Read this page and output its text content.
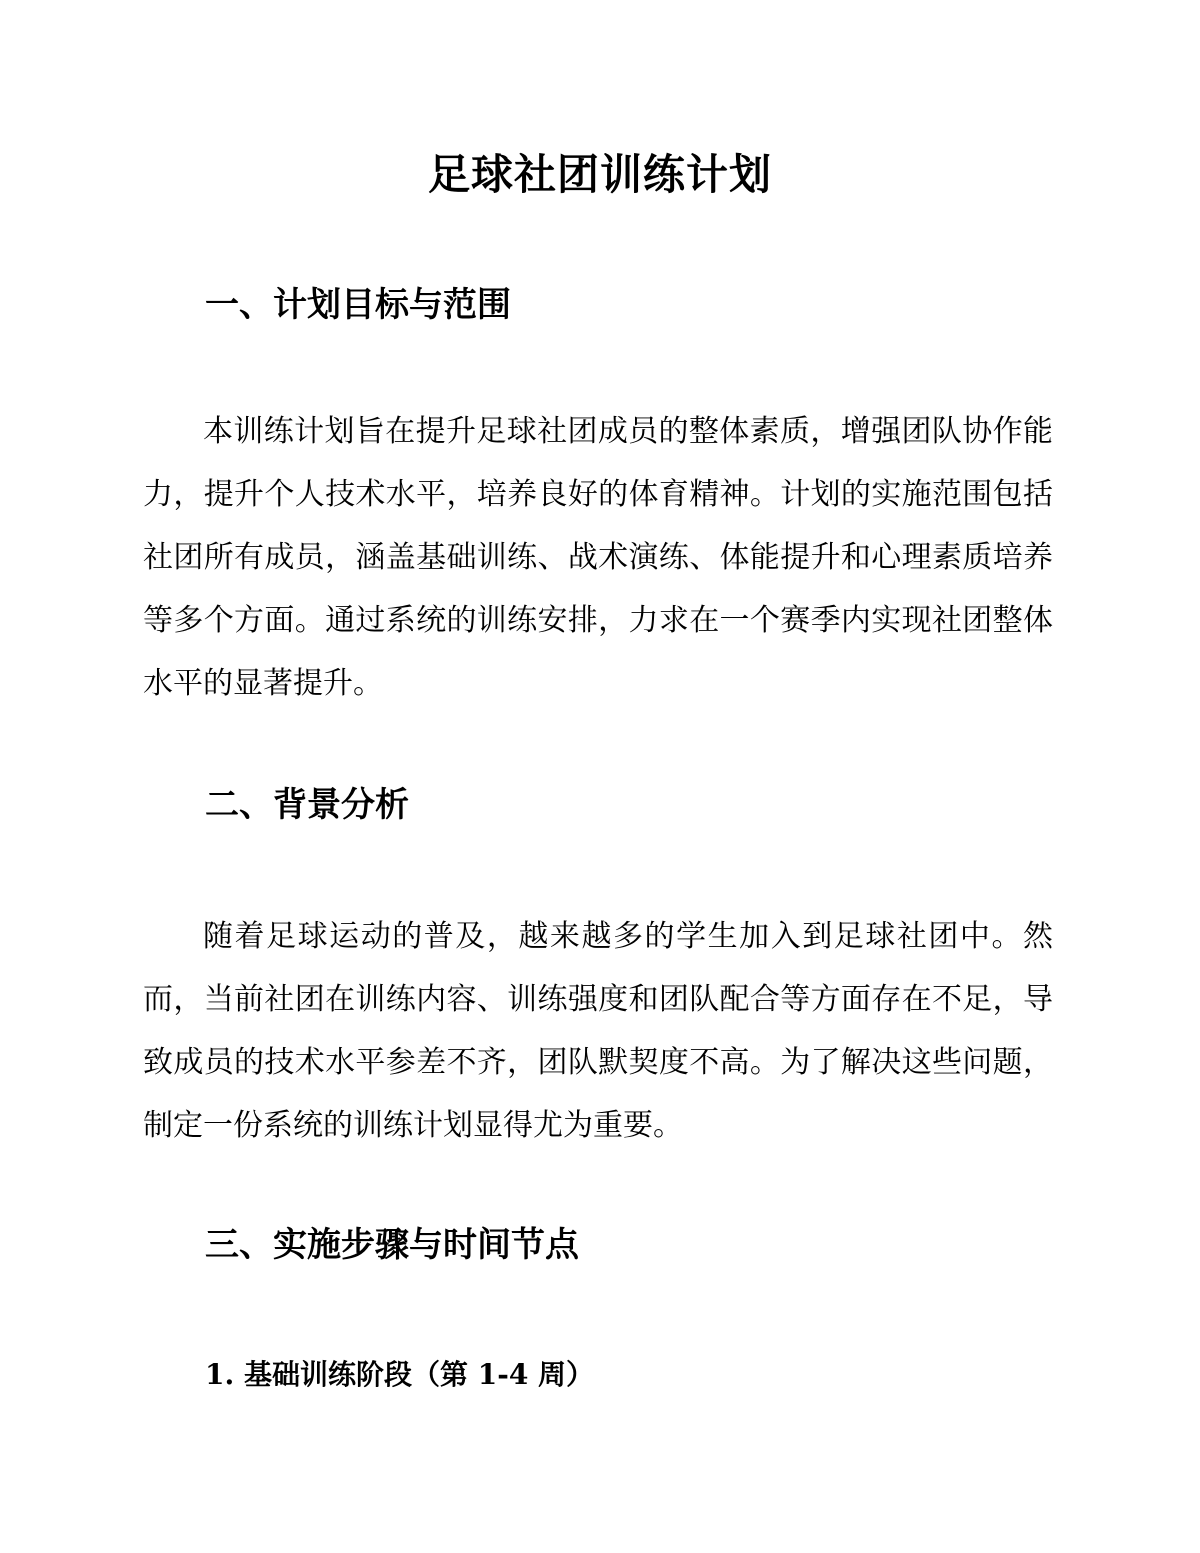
足球社团训练计划
一、计划目标与范围

本训练计划旨在提升足球社团成员的整体素质，增强团队协作能力，提升个人技术水平，培养良好的体育精神。计划的实施范围包括社团所有成员，涵盖基础训练、战术演练、体能提升和心理素质培养等多个方面。通过系统的训练安排，力求在一个赛季内实现社团整体水平的显著提升。

二、背景分析

随着足球运动的普及，越来越多的学生加入到足球社团中。然而，当前社团在训练内容、训练强度和团队配合等方面存在不足，导致成员的技术水平参差不齐，团队默契度不高。为了解决这些问题，制定一份系统的训练计划显得尤为重要。

三、实施步骤与时间节点
1. 基础训练阶段（第 1-4 周）
